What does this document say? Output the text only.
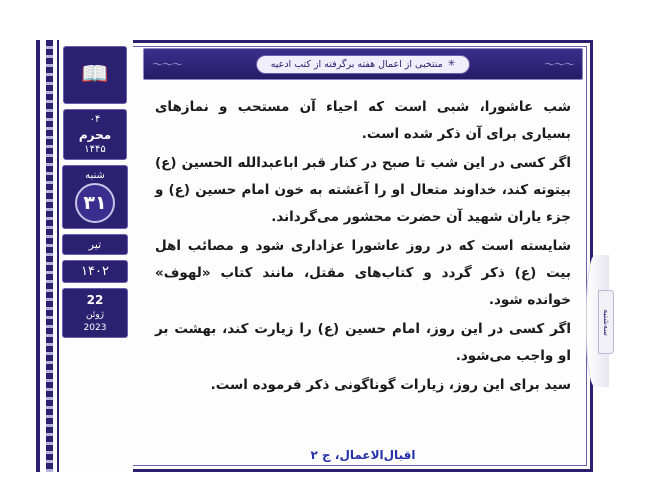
📖
۰۴
محرم
۱۴۴۵
شنبه
۳۱
تیر
۱۴۰۲
22
ژوئن
2023
〜〜〜
〜〜〜	✳
منتخبی از اعمال هفته برگرفته از کتب ادعیه

شب عاشورا، شبی است که احیاء آن مستحب و نمازهای بسیاری برای آن ذکر شده است.

اگر کسی در این شب تا صبح در کنار قبر اباعبدالله الحسین (ع) بیتوته کند، خداوند متعال او را آغشته به خون امام حسین (ع) و جزء یاران شهید آن حضرت محشور می‌گرداند.

شایسته است که در روز عاشورا عزاداری شود و مصائب اهل بیت (ع) ذکر گردد و کتاب‌های مقتل، مانند کتاب «لهوف» خوانده شود.

اگر کسی در این روز، امام حسین (ع) را زیارت کند، بهشت بر او واجب می‌شود.

سید برای این روز، زیارات گوناگونی ذکر فرموده است.

اقبال‌الاعمال، ج ۲
سه‌شنبه
